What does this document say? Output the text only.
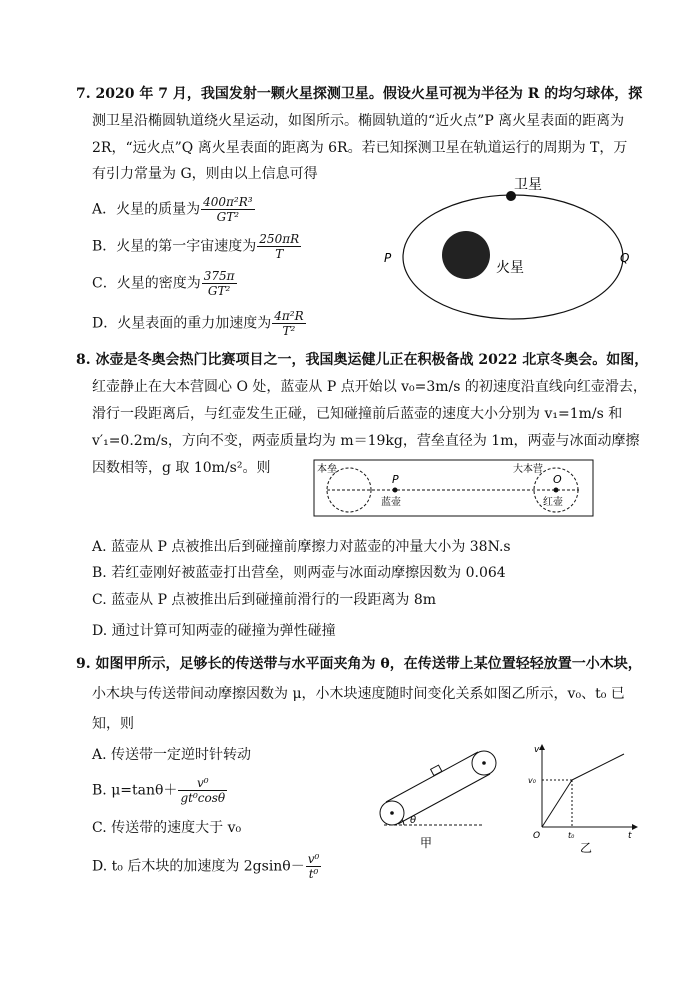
7. 2020 年 7 月，我国发射一颗火星探测卫星。假设火星可视为半径为 R 的均匀球体，探
测卫星沿椭圆轨道绕火星运动，如图所示。椭圆轨道的“近火点”P 离火星表面的距离为
2R，“远火点”Q 离火星表面的距离为 6R。若已知探测卫星在轨道运行的周期为 T，万
有引力常量为 G，则由以上信息可得
A．火星的质量为 $\frac{\text{400π²R³}}{\text{GT²}}$
B．火星的第一宇宙速度为 $\frac{250\pi R}{T}$
C．火星的密度为 $\frac{375\pi}{\text{GT²}}$
D．火星表面的重力加速度为 $\frac{\text{4π²R}}{\text{T²}}$
卫星
火星
P	Q
8. 冰壶是冬奥会热门比赛项目之一，我国奥运健儿正在积极备战 2022 北京冬奥会。如图，
红壶静止在大本营圆心 O 处，蓝壶从 P 点开始以 v₀=3m/s 的初速度沿直线向红壶滑去，
滑行一段距离后，与红壶发生正碰，已知碰撞前后蓝壶的速度大小分别为 v₁=1m/s 和
v′₁=0.2m/s，方向不变，两壶质量均为 m＝19kg，营垒直径为 1m，两壶与冰面动摩擦
因数相等，g 取 10m/s²。则	本垒	大本营
P	O
蓝壶	红壶
A. 蓝壶从 P 点被推出后到碰撞前摩擦力对蓝壶的冲量大小为 38N.s
B. 若红壶刚好被蓝壶打出营垒，则两壶与冰面动摩擦因数为 0.064
C. 蓝壶从 P 点被推出后到碰撞前滑行的一段距离为 8m
D. 通过计算可知两壶的碰撞为弹性碰撞
9. 如图甲所示，足够长的传送带与水平面夹角为 θ，在传送带上某位置轻轻放置一小木块，
小木块与传送带间动摩擦因数为 μ，小木块速度随时间变化关系如图乙所示，v₀、t₀ 已
知，则
A. 传送带一定逆时针转动
B. $\mu=\tan\theta+ \frac{\text{v⁰}}{\text{gt⁰cosθ}}$
C. 传送带的速度大于 v₀
D. t₀ 后木块的加速度为 $2gsin\theta- \frac{\text{v⁰}}{\text{t⁰}}$
θ
甲
v
v₀
O	t₀	t
乙
